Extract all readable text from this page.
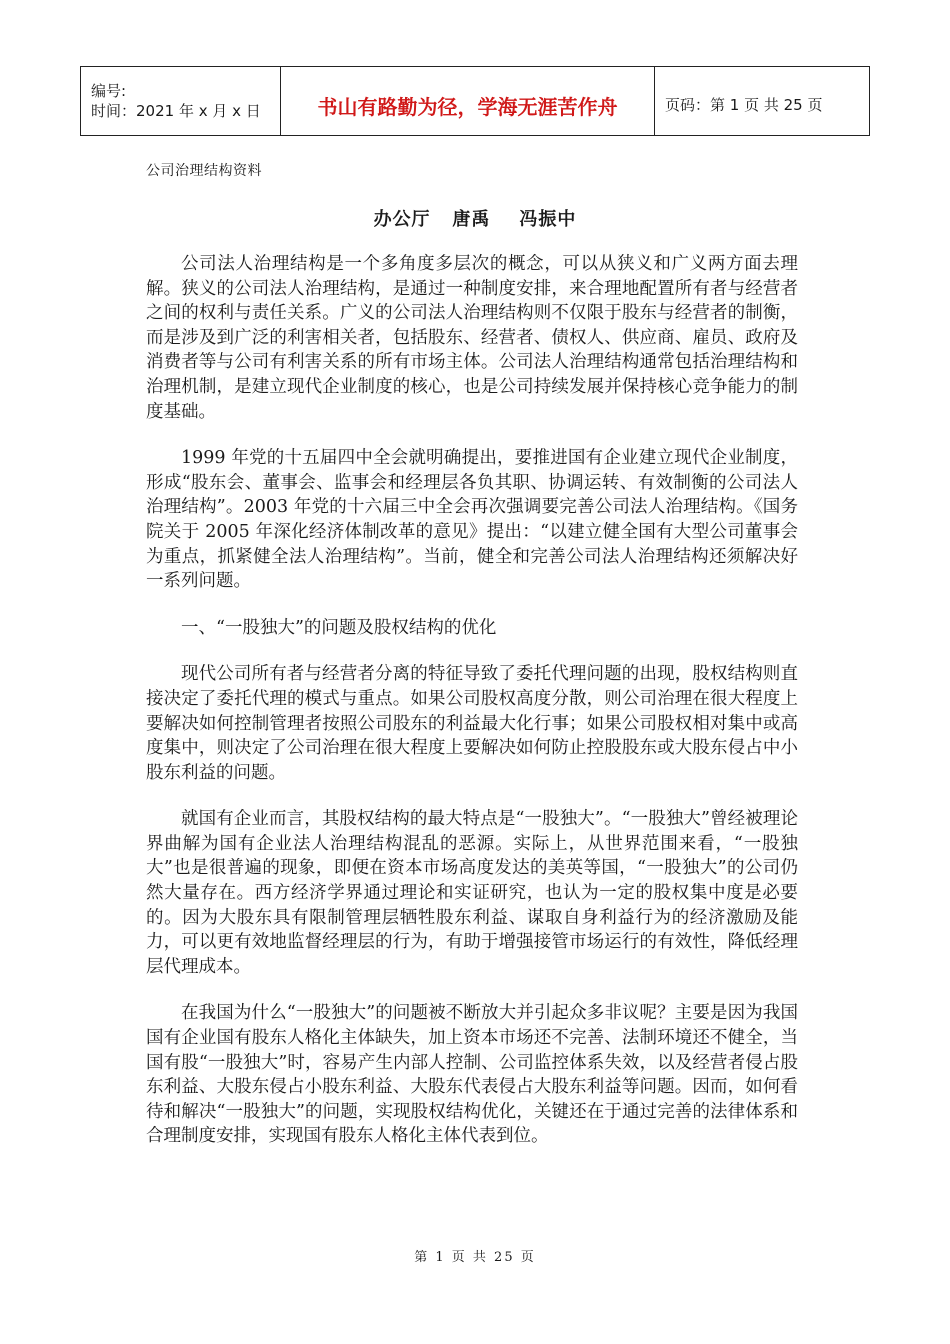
编号:
时间：2021 年 x 月 x 日	书山有路勤为径，学海无涯苦作舟	页码：第 1 页 共 25 页
公司治理结构资料
办公厅   唐禹    冯振中

公司法人治理结构是一个多角度多层次的概念，可以从狭义和广义两方面去理解。狭义的公司法人治理结构，是通过一种制度安排，来合理地配置所有者与经营者之间的权利与责任关系。广义的公司法人治理结构则不仅限于股东与经营者的制衡，而是涉及到广泛的利害相关者，包括股东、经营者、债权人、供应商、雇员、政府及消费者等与公司有利害关系的所有市场主体。公司法人治理结构通常包括治理结构和治理机制，是建立现代企业制度的核心，也是公司持续发展并保持核心竞争能力的制度基础。

1999 年党的十五届四中全会就明确提出，要推进国有企业建立现代企业制度，形成“股东会、董事会、监事会和经理层各负其职、协调运转、有效制衡的公司法人治理结构”。2003 年党的十六届三中全会再次强调要完善公司法人治理结构。《国务院关于 2005 年深化经济体制改革的意见》提出：“以建立健全国有大型公司董事会为重点，抓紧健全法人治理结构”。当前，健全和完善公司法人治理结构还须解决好一系列问题。

一、“一股独大”的问题及股权结构的优化

现代公司所有者与经营者分离的特征导致了委托代理问题的出现，股权结构则直接决定了委托代理的模式与重点。如果公司股权高度分散，则公司治理在很大程度上要解决如何控制管理者按照公司股东的利益最大化行事；如果公司股权相对集中或高度集中，则决定了公司治理在很大程度上要解决如何防止控股股东或大股东侵占中小股东利益的问题。

就国有企业而言，其股权结构的最大特点是“一股独大”。“一股独大”曾经被理论界曲解为国有企业法人治理结构混乱的恶源。实际上，从世界范围来看，“一股独大”也是很普遍的现象，即便在资本市场高度发达的美英等国，“一股独大”的公司仍然大量存在。西方经济学界通过理论和实证研究，也认为一定的股权集中度是必要的。因为大股东具有限制管理层牺牲股东利益、谋取自身利益行为的经济激励及能力，可以更有效地监督经理层的行为，有助于增强接管市场运行的有效性，降低经理层代理成本。

在我国为什么“一股独大”的问题被不断放大并引起众多非议呢？主要是因为我国国有企业国有股东人格化主体缺失，加上资本市场还不完善、法制环境还不健全，当国有股“一股独大”时，容易产生内部人控制、公司监控体系失效，以及经营者侵占股东利益、大股东侵占小股东利益、大股东代表侵占大股东利益等问题。因而，如何看待和解决“一股独大”的问题，实现股权结构优化，关键还在于通过完善的法律体系和合理制度安排，实现国有股东人格化主体代表到位。

第 1 页 共 25 页
